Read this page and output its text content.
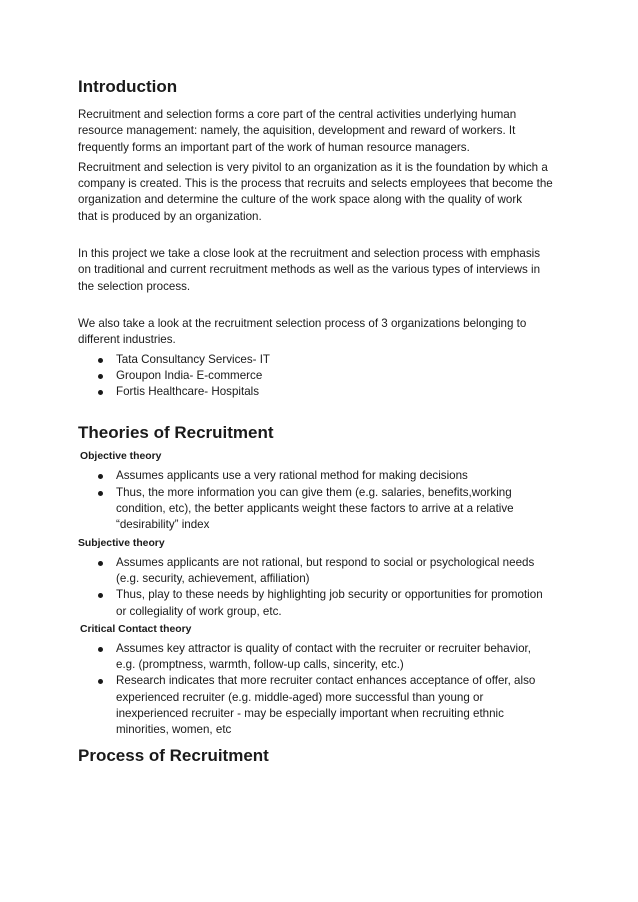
Introduction

Recruitment and selection forms a core part of the central activities underlying human
resource management: namely, the aquisition, development and reward of workers. It
frequently forms an important part of the work of human resource managers.

Recruitment and selection is very pivitol to an organization as it is the foundation by which a
company is created. This is the process that recruits and selects employees that become the
organization and determine the culture of the work space along with the quality of work
that is produced by an organization.

In this project we take a close look at the recruitment and selection process with emphasis
on traditional and current recruitment methods as well as the various types of interviews in
the selection process.

We also take a look at the recruitment selection process of 3 organizations belonging to
different industries.

Tata Consultancy Services- IT
Groupon India- E-commerce
Fortis Healthcare- Hospitals
Theories of Recruitment
Objective theory
Assumes applicants use a very rational method for making decisions
Thus, the more information you can give them (e.g. salaries, benefits,working
condition, etc), the better applicants weight these factors to arrive at a relative
“desirability” index
Subjective theory
Assumes applicants are not rational, but respond to social or psychological needs
(e.g. security, achievement, affiliation)
Thus, play to these needs by highlighting job security or opportunities for promotion
or collegiality of work group, etc.
Critical Contact theory
Assumes key attractor is quality of contact with the recruiter or recruiter behavior,
e.g. (promptness, warmth, follow-up calls, sincerity, etc.)
Research indicates that more recruiter contact enhances acceptance of offer, also
experienced recruiter (e.g. middle-aged) more successful than young or
inexperienced recruiter - may be especially important when recruiting ethnic
minorities, women, etc
Process of Recruitment
